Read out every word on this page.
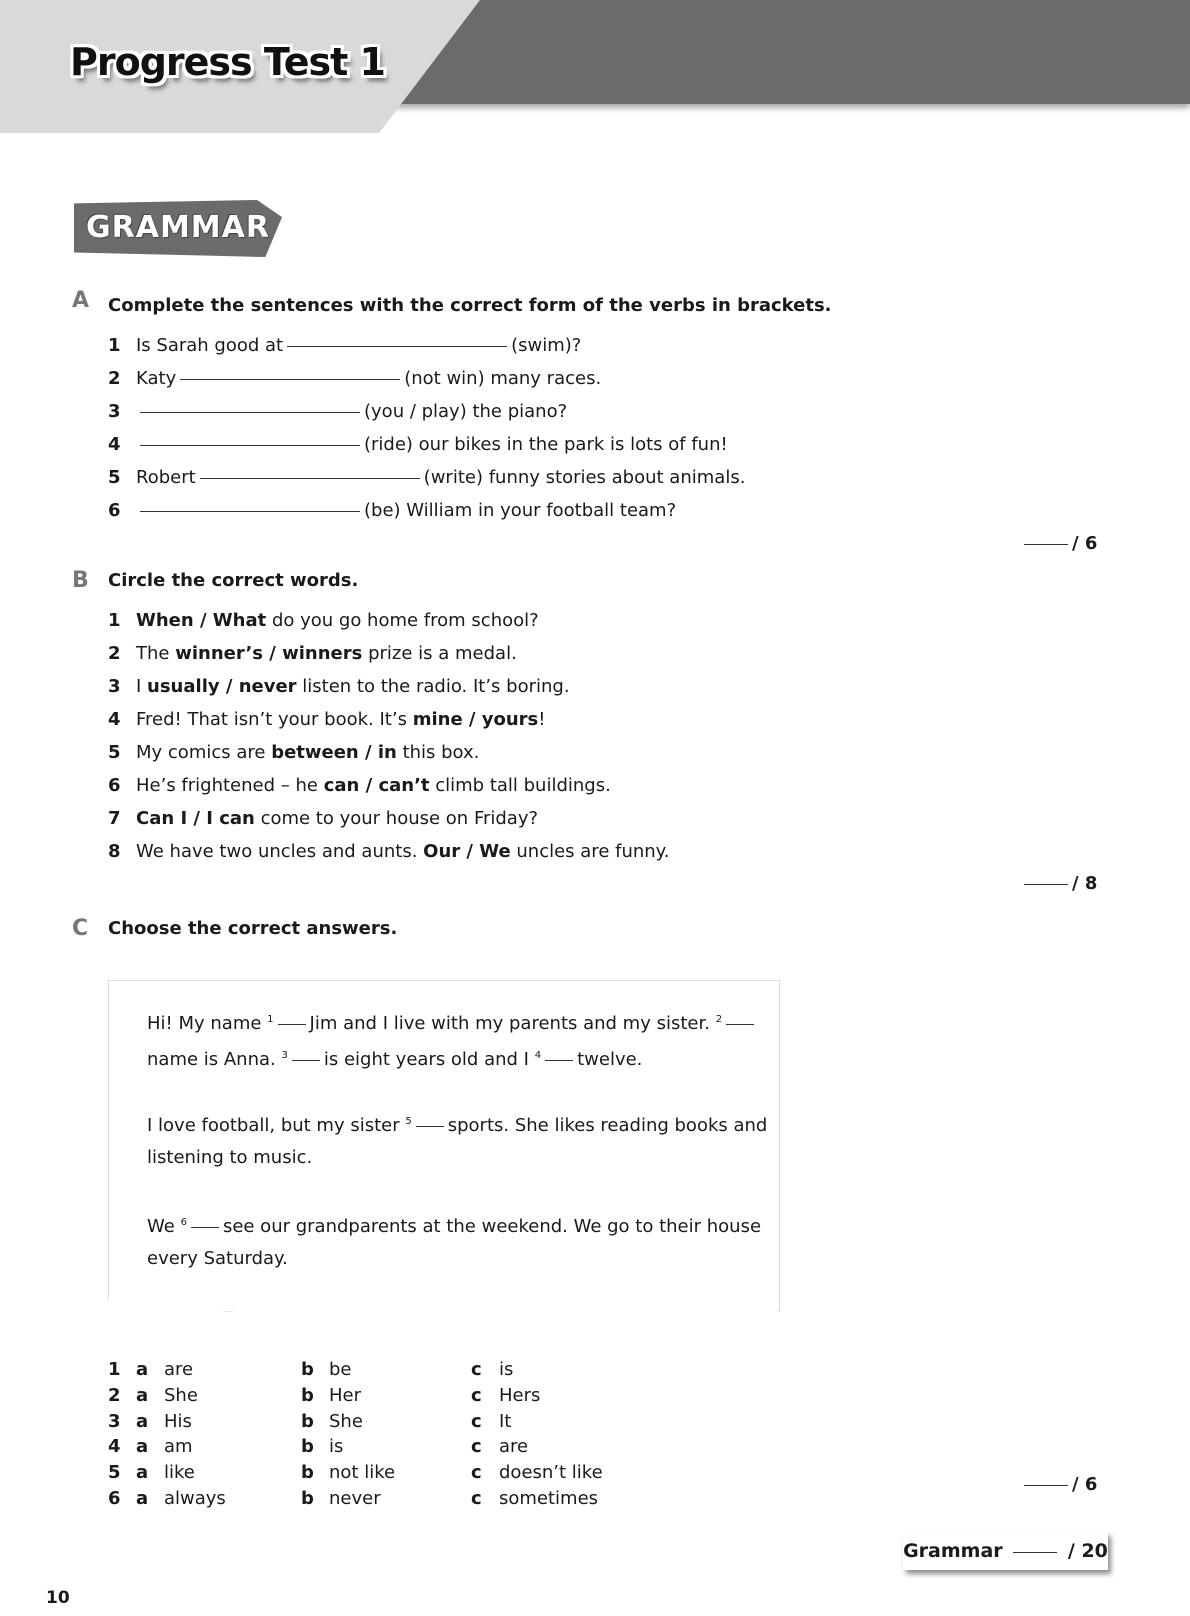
Progress Test 1
GRAMMAR
A Complete the sentences with the correct form of the verbs in brackets.
/ 6
B Circle the correct words.
/ 8
C Choose the correct answers.
Hi! My name $^1$ Jim and I live with my parents and my sister. $^2$
name is Anna. $^3$ is eight years old and I $^4$ twelve.
I love football, but my sister $^5$ sports. She likes reading books and
listening to music.
We $^6$ see our grandparents at the weekend. We go to their house
every Saturday.
/ 6
Grammar	/ 20
10
1 Is Sarah good at	(swim)?
2 Katy	(not win) many races.
3	(you / play) the piano?
4	(ride) our bikes in the park is lots of fun!
5 Robert	(write) funny stories about animals.
6	(be) William in your football team?
1 When / What do you go home from school?
2 The winner’s / winners prize is a medal.
3 I usually / never listen to the radio. It’s boring.
4 Fred! That isn’t your book. It’s mine / yours!
5 My comics are between / in this box.
6 He’s frightened – he can / can’t climb tall buildings.
7 Can I / I can come to your house on Friday?
8 We have two uncles and aunts. Our / We uncles are funny.
1 a are	b be	c is
2 a She	b Her	c Hers
3 a His	b She	c It
4 a am	b is	c are
5 a like	b not like	c doesn’t like
6 a always	b never	c sometimes
